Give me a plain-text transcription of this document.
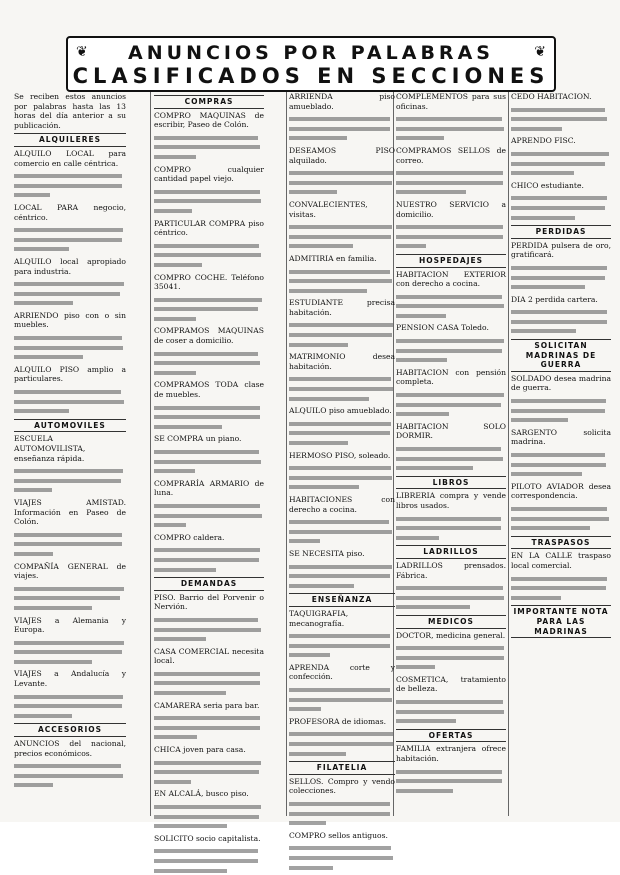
❦	❦
ANUNCIOS POR PALABRAS
CLASIFICADOS EN SECCIONES
Se reciben estos anuncios por palabras hasta las 13 horas del día anterior a su publicación.
ALQUILERES
ALQUILO LOCAL para comercio en calle céntrica.
LOCAL PARA negocio, céntrico.
ALQUILO local apropiado para industria.
ARRIENDO piso con o sin muebles.
ALQUILO PISO amplio a particulares.
AUTOMOVILES
ESCUELA AUTOMOVILISTA, enseñanza rápida.
VIAJES AMISTAD. Información en Paseo de Colón.
COMPAÑÍA GENERAL de viajes.
VIAJES a Alemania y Europa.
VIAJES a Andalucía y Levante.
ACCESORIOS
ANUNCIOS del nacional, precios económicos.
COMPRAS
COMPRO MAQUINAS de escribir, Paseo de Colón.
COMPRO cualquier cantidad papel viejo.
PARTICULAR COMPRA piso céntrico.
COMPRO COCHE. Teléfono 35041.
COMPRAMOS MAQUINAS de coser a domicilio.
COMPRAMOS TODA clase de muebles.
SE COMPRA un piano.
COMPRARÍA ARMARIO de luna.
COMPRO caldera.
DEMANDAS
PISO. Barrio del Porvenir o Nervión.
CASA COMERCIAL necesita local.
CAMARERA seria para bar.
CHICA joven para casa.
EN ALCALÁ, busco piso.
SOLICITO socio capitalista.
ARRIENDA piso amueblado.
DESEAMOS PISO alquilado.
CONVALECIENTES, visitas.
ADMITIRIA en familia.
ESTUDIANTE precisa habitación.
MATRIMONIO desea habitación.
ALQUILO piso amueblado.
HERMOSO PISO, soleado.
HABITACIONES con derecho a cocina.
SE NECESITA piso.
ENSEÑANZA
TAQUIGRAFIA, mecanografía.
APRENDA corte y confección.
PROFESORA de idiomas.
FILATELIA
SELLOS. Compro y vendo colecciones.
COMPRO sellos antiguos.
COMPLEMENTOS para sus oficinas.
COMPRAMOS SELLOS de correo.
NUESTRO SERVICIO a domicilio.
HOSPEDAJES
HABITACION EXTERIOR con derecho a cocina.
PENSION CASA Toledo.
HABITACION con pensión completa.
HABITACION SOLO DORMIR.
LIBROS
LIBRERIA compra y vende libros usados.
LADRILLOS
LADRILLOS prensados. Fábrica.
MEDICOS
DOCTOR, medicina general.
COSMETICA, tratamiento de belleza.
OFERTAS
FAMILIA extranjera ofrece habitación.
CEDO HABITACION.
APRENDO FISC.
CHICO estudiante.
PERDIDAS
PERDIDA pulsera de oro, gratificará.
DIA 2 perdida cartera.
SOLICITAN MADRINAS DE GUERRA
SOLDADO desea madrina de guerra.
SARGENTO solicita madrina.
PILOTO AVIADOR desea correspondencia.
TRASPASOS
EN LA CALLE traspaso local comercial.
IMPORTANTE NOTA PARA LAS MADRINAS
